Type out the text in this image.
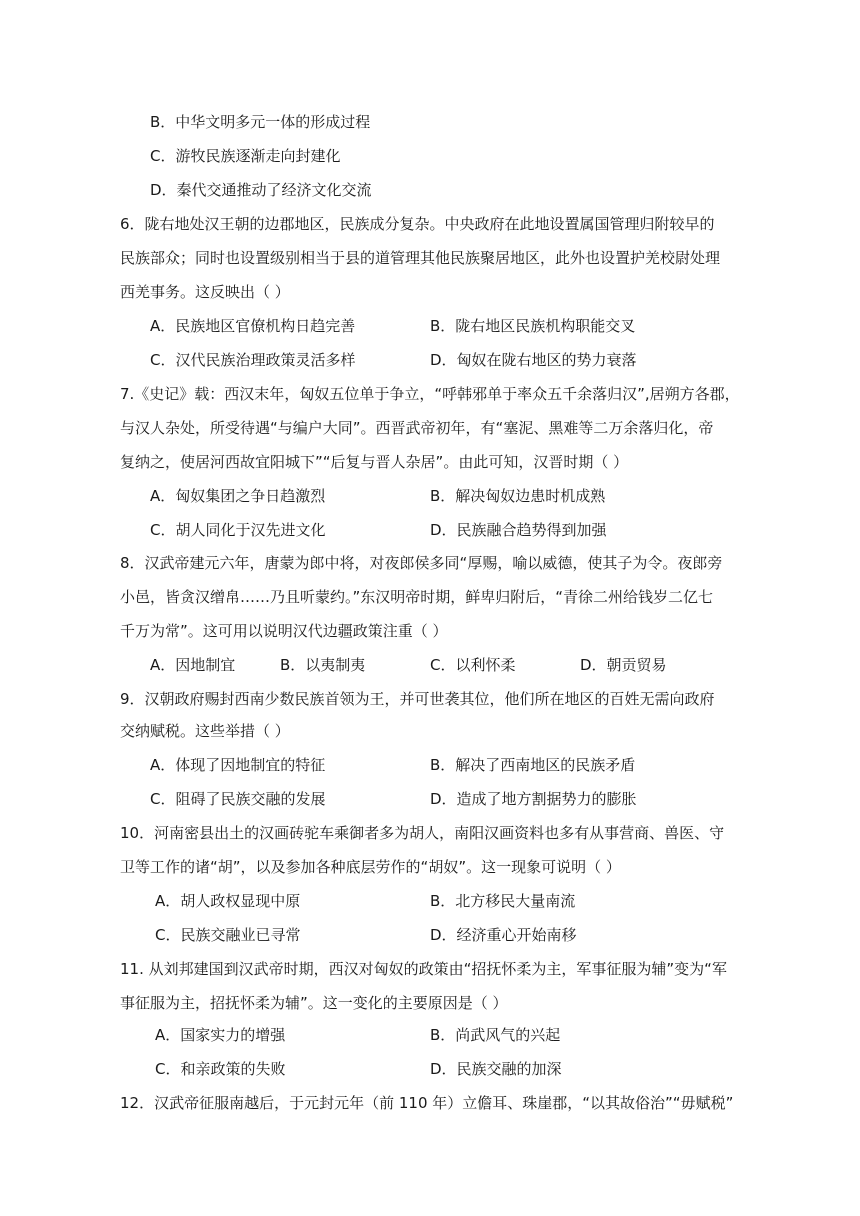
B．中华文明多元一体的形成过程
C．游牧民族逐渐走向封建化
D．秦代交通推动了经济文化交流
6．陇右地处汉王朝的边郡地区，民族成分复杂。中央政府在此地设置属国管理归附较早的
民族部众；同时也设置级别相当于县的道管理其他民族聚居地区，此外也设置护羌校尉处理
西羌事务。这反映出（ ）
A．民族地区官僚机构日趋完善	B．陇右地区民族机构职能交叉
C．汉代民族治理政策灵活多样	D．匈奴在陇右地区的势力衰落
7.《史记》载：西汉末年，匈奴五位单于争立，“呼韩邪单于率众五千余落归汉”,居朔方各郡，
与汉人杂处，所受待遇“与编户大同”。西晋武帝初年，有“塞泥、黑难等二万余落归化，帝
复纳之，使居河西故宜阳城下”“后复与晋人杂居”。由此可知，汉晋时期（ ）
A．匈奴集团之争日趋激烈	B．解决匈奴边患时机成熟
C．胡人同化于汉先进文化	D．民族融合趋势得到加强
8．汉武帝建元六年，唐蒙为郎中将，对夜郎侯多同“厚赐，喻以威德，使其子为令。夜郎旁
小邑，皆贪汉缯帛……乃且听蒙约。”东汉明帝时期，鲜卑归附后，“青徐二州给钱岁二亿七
千万为常”。这可用以说明汉代边疆政策注重（ ）
A．因地制宜	B．以夷制夷	C．以利怀柔	D．朝贡贸易
9．汉朝政府赐封西南少数民族首领为王，并可世袭其位，他们所在地区的百姓无需向政府
交纳赋税。这些举措（ ）
A．体现了因地制宜的特征	B．解决了西南地区的民族矛盾
C．阻碍了民族交融的发展	D．造成了地方割据势力的膨胀
10．河南密县出土的汉画砖驼车乘御者多为胡人，南阳汉画资料也多有从事营商、兽医、守
卫等工作的诸“胡”，以及参加各种底层劳作的“胡奴”。这一现象可说明（ ）
A．胡人政权显现中原	B．北方移民大量南流
C．民族交融业已寻常	D．经济重心开始南移
11. 从刘邦建国到汉武帝时期，西汉对匈奴的政策由“招抚怀柔为主，军事征服为辅”变为“军
事征服为主，招抚怀柔为辅”。这一变化的主要原因是（ ）
A．国家实力的增强	B．尚武风气的兴起
C．和亲政策的失败	D．民族交融的加深
12．汉武帝征服南越后，于元封元年（前 110 年）立儋耳、珠崖郡，“以其故俗治”“毋赋税”
